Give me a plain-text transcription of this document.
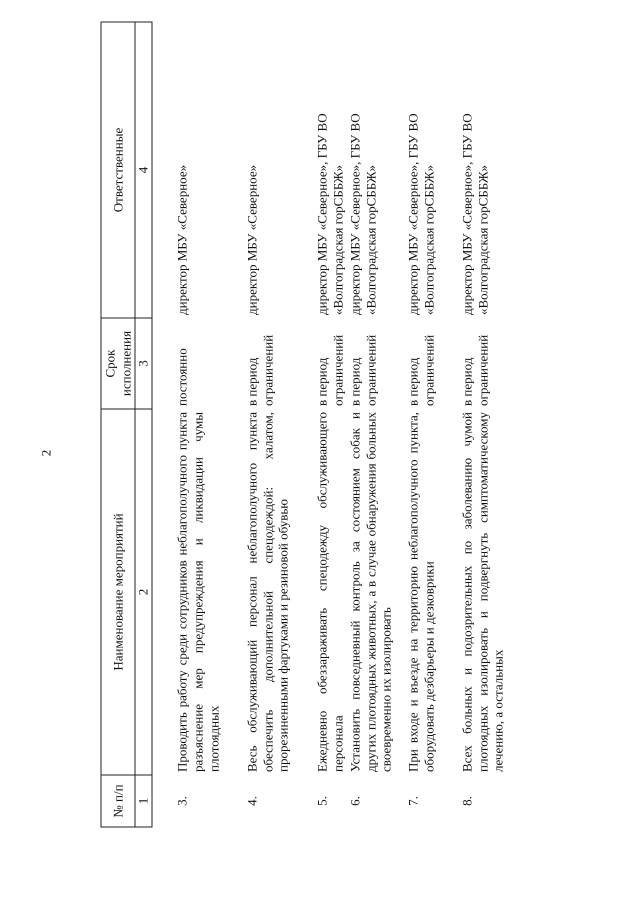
2
№ п/п	Наименование мероприятий	Срок исполнения	Ответственные
1	2	3	4
3.	Проводить работу среди сотрудников неблагополучного пункта разъяснение мер предупреждения и ликвидации чумы плотоядных	постоянно	директор МБУ «Северное»
4.	Весь обслуживающий персонал неблагополучного пункта обеспечить дополнительной спецодеждой: халатом, прорезиненными фартуками и резиновой обувью	в период ограничений	директор МБУ «Северное»
5.	Ежедневно обеззараживать спецодежду обслуживающего персонала	в период ограничений	директор МБУ «Северное», ГБУ ВО «Волгоградская горСББЖ»
6.	Установить повседневный контроль за состоянием собак и других плотоядных животных, а в случае обнаружения больных своевременно их изолировать	в период ограничений	директор МБУ «Северное», ГБУ ВО «Волгоградская горСББЖ»
7.	При входе и въезде на территорию неблагополучного пункта, оборудовать дезбарьеры и дезковрики	в период ограничений	директор МБУ «Северное», ГБУ ВО «Волгоградская горСББЖ»
8.	Всех больных и подозрительных по заболеванию чумой плотоядных изолировать и подвергнуть симптоматическому лечению, а остальных	в период ограничений	директор МБУ «Северное», ГБУ ВО «Волгоградская горСББЖ»
